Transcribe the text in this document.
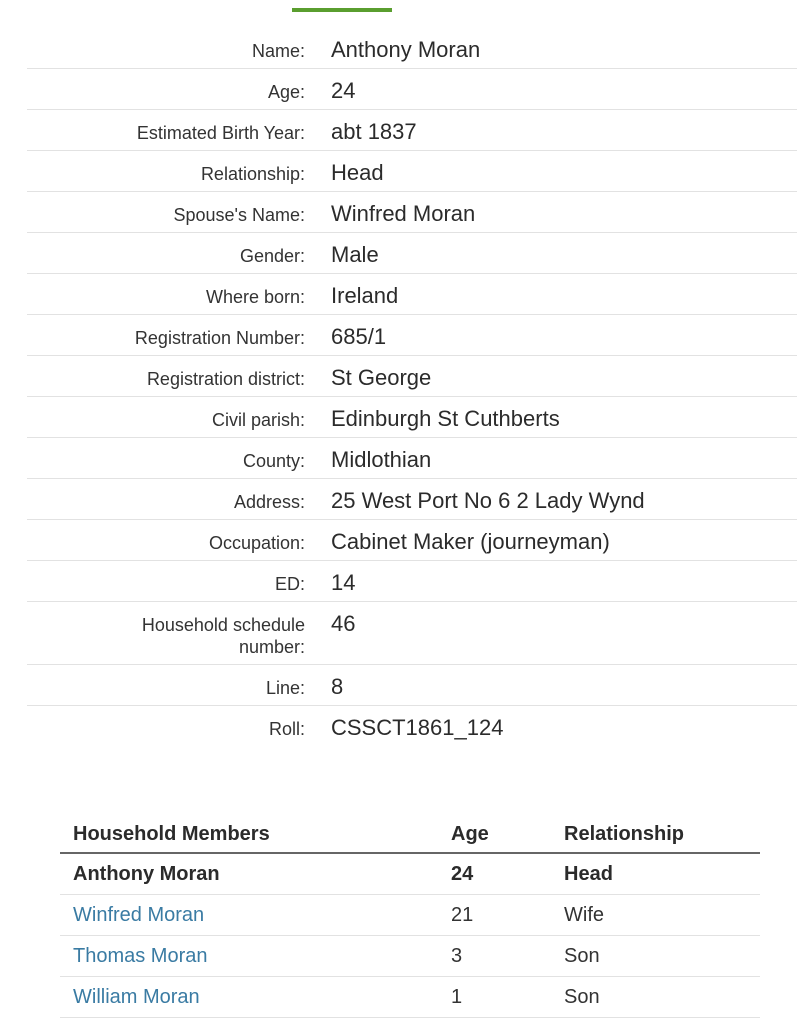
Name: Anthony Moran
Age: 24
Estimated Birth Year: abt 1837
Relationship: Head
Spouse's Name: Winfred Moran
Gender: Male
Where born: Ireland
Registration Number: 685/1
Registration district: St George
Civil parish: Edinburgh St Cuthberts
County: Midlothian
Address: 25 West Port No 6 2 Lady Wynd
Occupation: Cabinet Maker (journeyman)
ED: 14
Household schedule number:
46
Line: 8
Roll: CSSCT1861_124
Household Members	Age	Relationship
Anthony Moran	24	Head
Winfred Moran	21	Wife
Thomas Moran	3	Son
William Moran	1	Son
